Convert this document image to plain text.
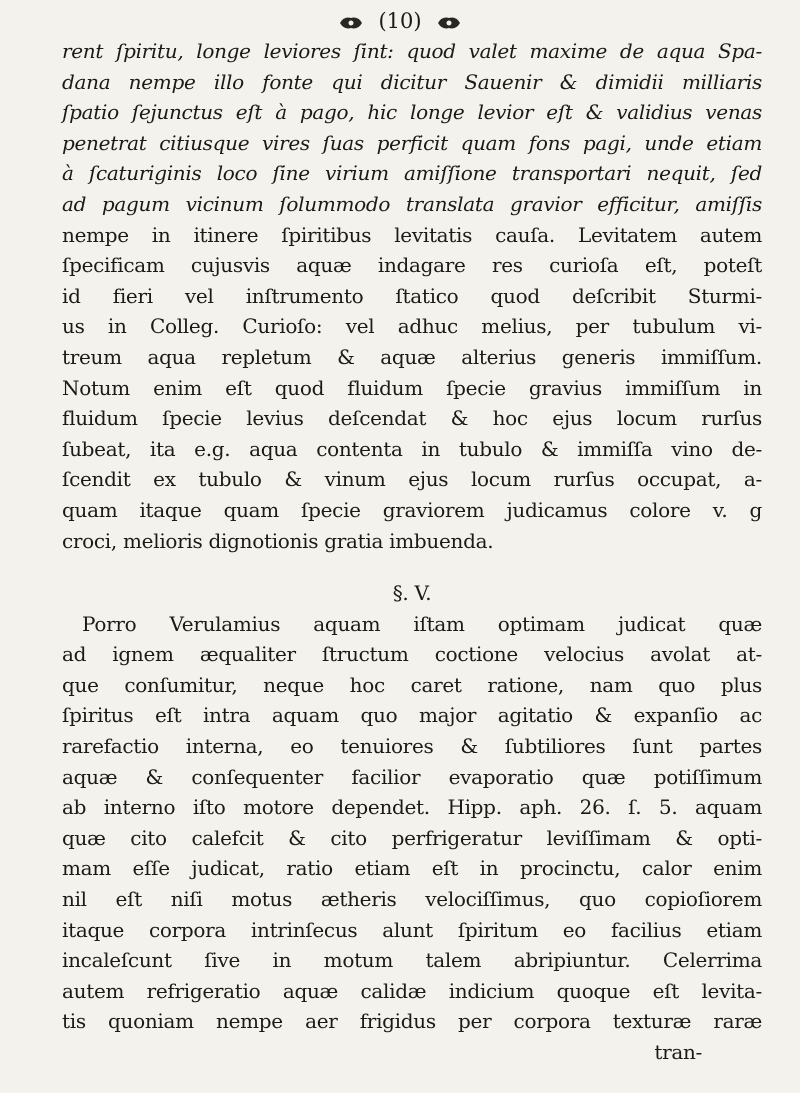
(10)
rent ſpiritu, longe leviores ſint: quod valet maxime de aqua Spa-
dana nempe illo fonte qui dicitur Sauenir & dimidii milliaris
ſpatio ſejunctus eſt à pago, hic longe levior eſt & validius venas
penetrat citiusque vires ſuas perficit quam fons pagi, unde etiam
à ſcaturiginis loco ſine virium amiſſione transportari nequit, ſed
ad pagum vicinum ſolummodo translata gravior efficitur, amiſſis
nempe in itinere ſpiritibus levitatis cauſa. Levitatem autem
ſpecificam cujusvis aquæ indagare res curioſa eſt, poteſt
id fieri vel inſtrumento ſtatico quod deſcribit Sturmi-
us in Colleg. Curioſo: vel adhuc melius, per tubulum vi-
treum aqua repletum & aquæ alterius generis immiſſum.
Notum enim eſt quod fluidum ſpecie gravius immiſſum in
fluidum ſpecie levius deſcendat & hoc ejus locum rurſus
ſubeat, ita e.g. aqua contenta in tubulo & immiſſa vino de-
ſcendit ex tubulo & vinum ejus locum rurſus occupat, a-
quam itaque quam ſpecie graviorem judicamus colore v. g
croci, melioris dignotionis gratia imbuenda.
§. V.
Porro Verulamius aquam iſtam optimam judicat quæ
ad ignem æqualiter ſtructum coctione velocius avolat at-
que conſumitur, neque hoc caret ratione, nam quo plus
ſpiritus eſt intra aquam quo major agitatio & expanſio ac
rarefactio interna, eo tenuiores & ſubtiliores ſunt partes
aquæ & conſequenter facilior evaporatio quæ potiſſimum
ab interno iſto motore dependet. Hipp. aph. 26. ſ. 5. aquam
quæ cito calefcit & cito perfrigeratur leviſſimam & opti-
mam eſſe judicat, ratio etiam eſt in procinctu, calor enim
nil eſt niſi motus ætheris velociſſimus, quo copioſiorem
itaque corpora intrinſecus alunt ſpiritum eo facilius etiam
incaleſcunt ſive in motum talem abripiuntur. Celerrima
autem refrigeratio aquæ calidæ indicium quoque eſt levita-
tis quoniam nempe aer frigidus per corpora texturæ raræ
tran-
